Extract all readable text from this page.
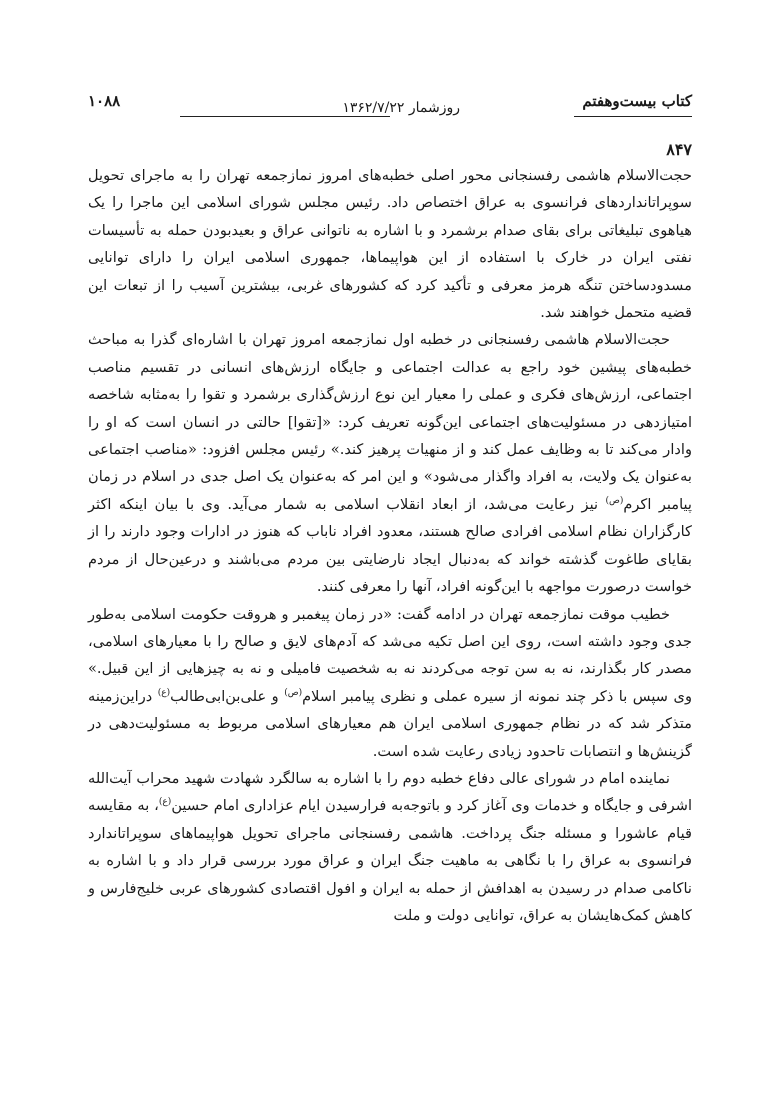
کتاب بیست‌وهفتم
روزشمار ۱۳۶۲/۷/۲۲
۱۰۸۸
۸۴۷

حجت‌الاسلام هاشمی رفسنجانی محور اصلی خطبه‌های امروز نمازجمعه تهران را به ماجرای تحویل سوپراتانداردهای فرانسوی به عراق اختصاص داد. رئیس مجلس شورای اسلامی این ماجرا را یک هیاهوی تبلیغاتی برای بقای صدام برشمرد و با اشاره به ناتوانی عراق و بعیدبودن حمله به تأسیسات نفتی ایران در خارک با استفاده از این هواپیماها، جمهوری اسلامی ایران را دارای توانایی مسدودساختن تنگه هرمز معرفی و تأکید کرد که کشورهای غربی، بیشترین آسیب را از تبعات این قضیه متحمل خواهند شد.

حجت‌الاسلام هاشمی رفسنجانی در خطبه اول نمازجمعه امروز تهران با اشاره‌ای گذرا به مباحث خطبه‌های پیشین خود راجع به عدالت اجتماعی و جایگاه ارزش‌های انسانی در تقسیم مناصب اجتماعی، ارزش‌های فکری و عملی را معیار این نوع ارزش‌گذاری برشمرد و تقوا را به‌مثابه شاخصه امتیازدهی در مسئولیت‌های اجتماعی این‌گونه تعریف کرد: «[تقوا] حالتی در انسان است که او را وادار می‌کند تا به وظایف عمل کند و از منهیات پرهیز کند.» رئیس مجلس افزود: «مناصب اجتماعی به‌عنوان یک ولایت، به افراد واگذار می‌شود» و این امر که به‌عنوان یک اصل جدی در اسلام در زمان پیامبر اکرم$^{(ص)}$ نیز رعایت می‌شد، از ابعاد انقلاب اسلامی به شمار می‌آید. وی با بیان اینکه اکثر کارگزاران نظام اسلامی افرادی صالح هستند، معدود افراد ناباب که هنوز در ادارات وجود دارند را از بقایای طاغوت گذشته خواند که به‌دنبال ایجاد نارضایتی بین مردم می‌باشند و درعین‌حال از مردم خواست درصورت مواجهه با این‌گونه افراد، آنها را معرفی کنند.

خطیب موقت نمازجمعه تهران در ادامه گفت: «در زمان پیغمبر و هروقت حکومت اسلامی به‌طور جدی وجود داشته است، روی این اصل تکیه می‌شد که آدم‌های لایق و صالح را با معیارهای اسلامی، مصدر کار بگذارند، نه به سن توجه می‌کردند نه به شخصیت فامیلی و نه به چیزهایی از این قبیل.» وی سپس با ذکر چند نمونه از سیره عملی و نظری پیامبر اسلام$^{(ص)}$ و علی‌بن‌ابی‌طالب$^{(ع)}$ دراین‌زمینه متذکر شد که در نظام جمهوری اسلامی ایران هم معیارهای اسلامی مربوط به مسئولیت‌دهی در گزینش‌ها و انتصابات تاحدود زیادی رعایت شده است.

نماینده امام در شورای عالی دفاع خطبه دوم را با اشاره به سالگرد شهادت شهید محراب آیت‌الله اشرفی و جایگاه و خدمات وی آغاز کرد و باتوجه‌به فرارسیدن ایام عزاداری امام حسین$^{(ع)}$، به مقایسه قیام عاشورا و مسئله جنگ پرداخت. هاشمی رفسنجانی ماجرای تحویل هواپیماهای سوپراتاندارد فرانسوی به عراق را با نگاهی به ماهیت جنگ ایران و عراق مورد بررسی قرار داد و با اشاره به ناکامی صدام در رسیدن به اهدافش از حمله به ایران و افول اقتصادی کشورهای عربی خلیج‌فارس و کاهش کمک‌هایشان به عراق، توانایی دولت و ملت
